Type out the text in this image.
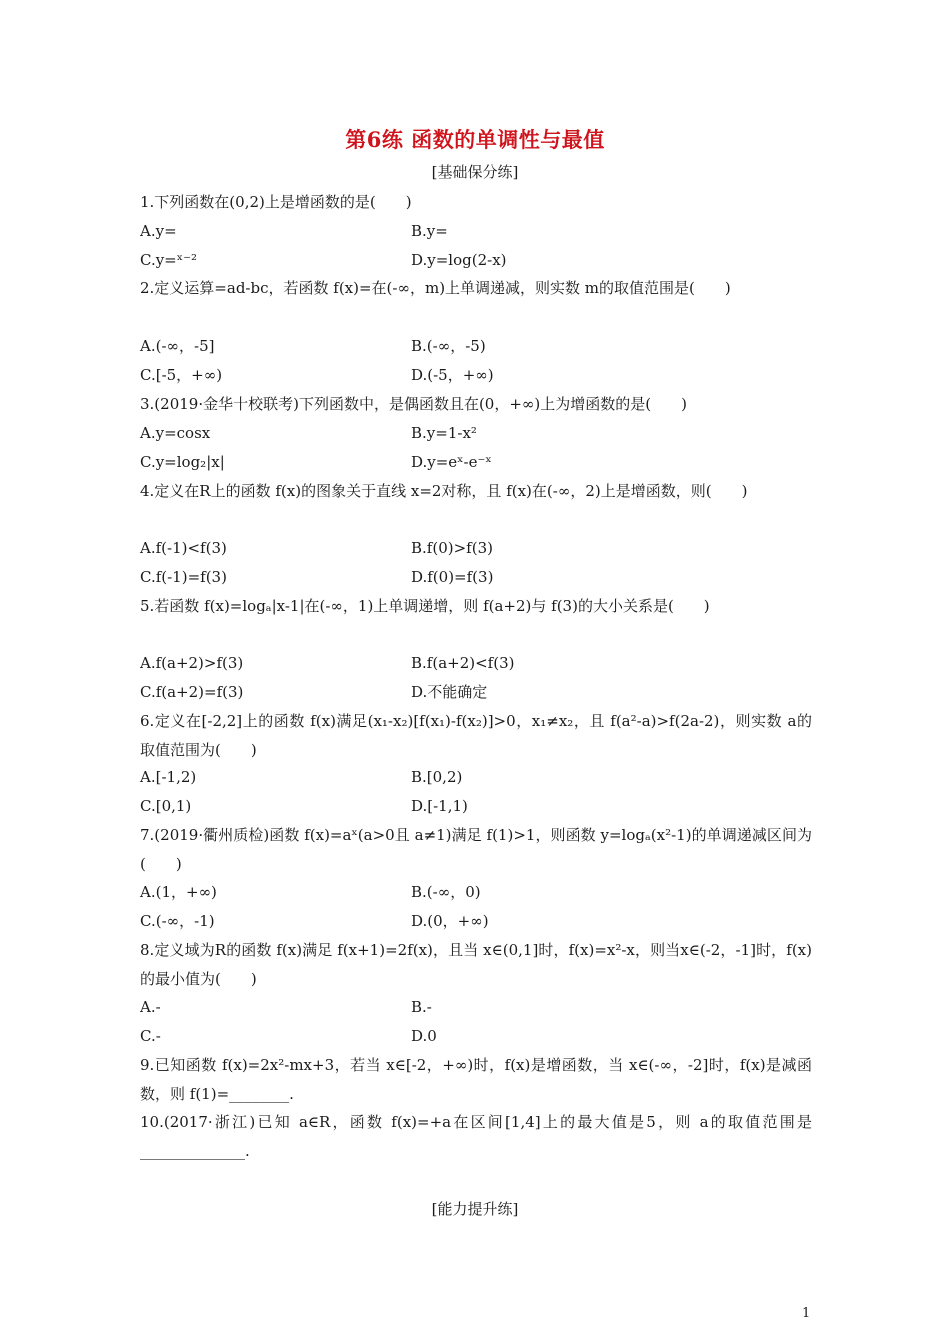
第6练 函数的单调性与最值
[基础保分练]
1.下列函数在(0,2)上是增函数的是(　　)
A.y=	B.y=
C.y=ˣ⁻²	D.y=log(2-x)
2.定义运算=ad-bc，若函数 f(x)=在(-∞，m)上单调递减，则实数 m的取值范围是(　　)
A.(-∞，-5]	B.(-∞，-5)
C.[-5，+∞)	D.(-5，+∞)
3.(2019·金华十校联考)下列函数中，是偶函数且在(0，+∞)上为增函数的是(　　)
A.y=cosx	B.y=1-x²
C.y=log₂|x|	D.y=eˣ-e⁻ˣ
4.定义在R上的函数 f(x)的图象关于直线 x=2对称，且 f(x)在(-∞，2)上是增函数，则(　　)
A.f(-1)<f(3)	B.f(0)>f(3)
C.f(-1)=f(3)	D.f(0)=f(3)
5.若函数 f(x)=logₐ|x-1|在(-∞，1)上单调递增，则 f(a+2)与 f(3)的大小关系是(　　)
A.f(a+2)>f(3)	B.f(a+2)<f(3)
C.f(a+2)=f(3)	D.不能确定
6.定义在[-2,2]上的函数 f(x)满足(x₁-x₂)[f(x₁)-f(x₂)]>0，x₁≠x₂，且 f(a²-a)>f(2a-2)，则实数 a的取值范围为(　　)
A.[-1,2)	B.[0,2)
C.[0,1)	D.[-1,1)
7.(2019·衢州质检)函数 f(x)=aˣ(a>0且 a≠1)满足 f(1)>1，则函数 y=logₐ(x²-1)的单调递减区间为(　　)
A.(1，+∞)	B.(-∞，0)
C.(-∞，-1)	D.(0，+∞)
8.定义域为R的函数 f(x)满足 f(x+1)=2f(x)，且当 x∈(0,1]时，f(x)=x²-x，则当x∈(-2，-1]时，f(x)的最小值为(　　)
A.-	B.-
C.-	D.0
9.已知函数 f(x)=2x²-mx+3，若当 x∈[-2，+∞)时，f(x)是增函数，当 x∈(-∞，-2]时，f(x)是减函数，则 f(1)=________.
10.(2017·浙江)已知 a∈R，函数 f(x)=+a在区间[1,4]上的最大值是5，则 a的取值范围是______________.
[能力提升练]
1
